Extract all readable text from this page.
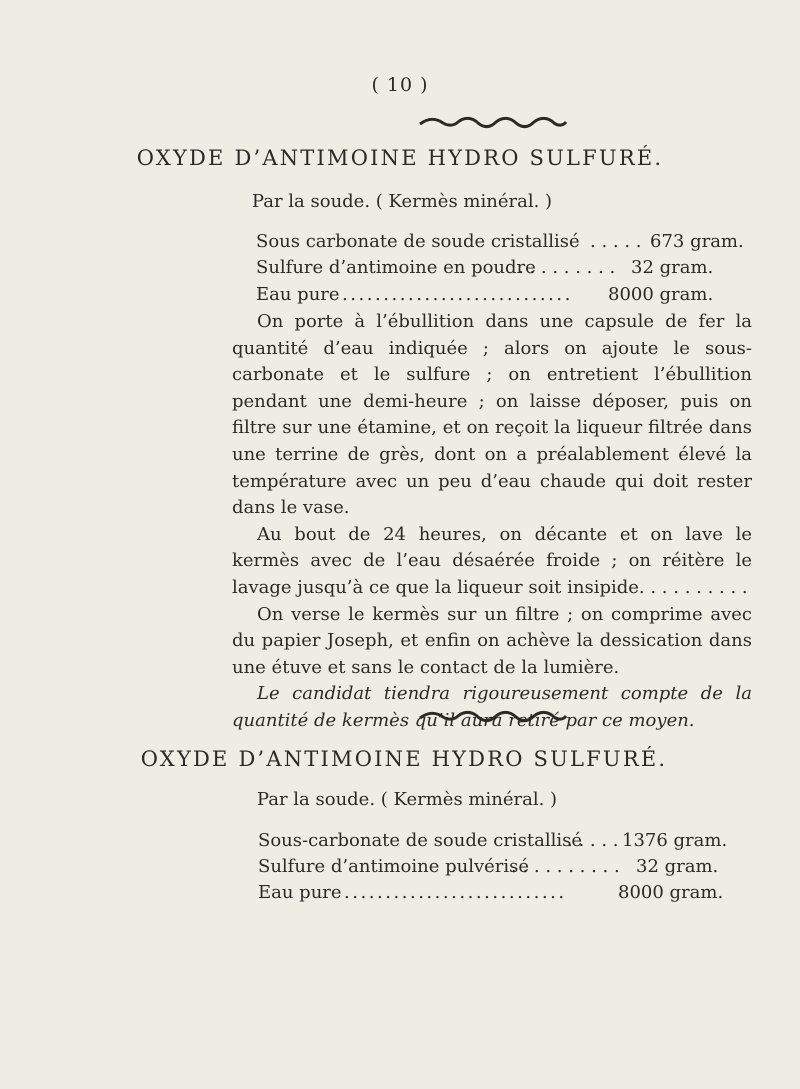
( 10 )
OXYDE D’ANTIMOINE HYDRO SULFURÉ.
Par la soude. ( Kermès minéral. )
Sous carbonate de soude cristallisé . . . . . 673 gram.
Sulfure d’antimoine en poudre
. . . . . . . . . 32 gram.
Eau pure . . . . . . . . . . . . . . . . . . . . . . . . . . . . 8000 gram.

On porte à l’ébullition dans une capsule de fer la quantité d’eau indiquée ; alors on ajoute le sous-carbonate et le sulfure ; on entretient l’ébullition pendant une demi-heure ; on laisse déposer, puis on filtre sur une étamine, et on reçoit la liqueur filtrée dans une terrine de grès, dont on a préalablement élevé la température avec un peu d’eau chaude qui doit rester dans le vase.

Au bout de 24 heures, on décante et on lave le kermès avec de l’eau désaérée froide ; on réitère le lavage jusqu’à ce que la liqueur soit insipide. . . . . . . . . .

On verse le kermès sur un filtre ; on comprime avec du papier Joseph, et enfin on achève la dessication dans une étuve et sans le contact de la lumière.

Le candidat tiendra rigoureusement compte de la quantité de kermès qu’il aura retiré par ce moyen.

OXYDE D’ANTIMOINE HYDRO SULFURÉ.
Par la soude. ( Kermès minéral. )
Sous-carbonate de soude cristallisé
. . . . . 1376 gram.
Sulfure d’antimoine pulvérisé
. . . . . . . . . . 32 gram.
Eau pure . . . . . . . . . . . . . . . . . . . . . . . . . . .	8000 gram.
